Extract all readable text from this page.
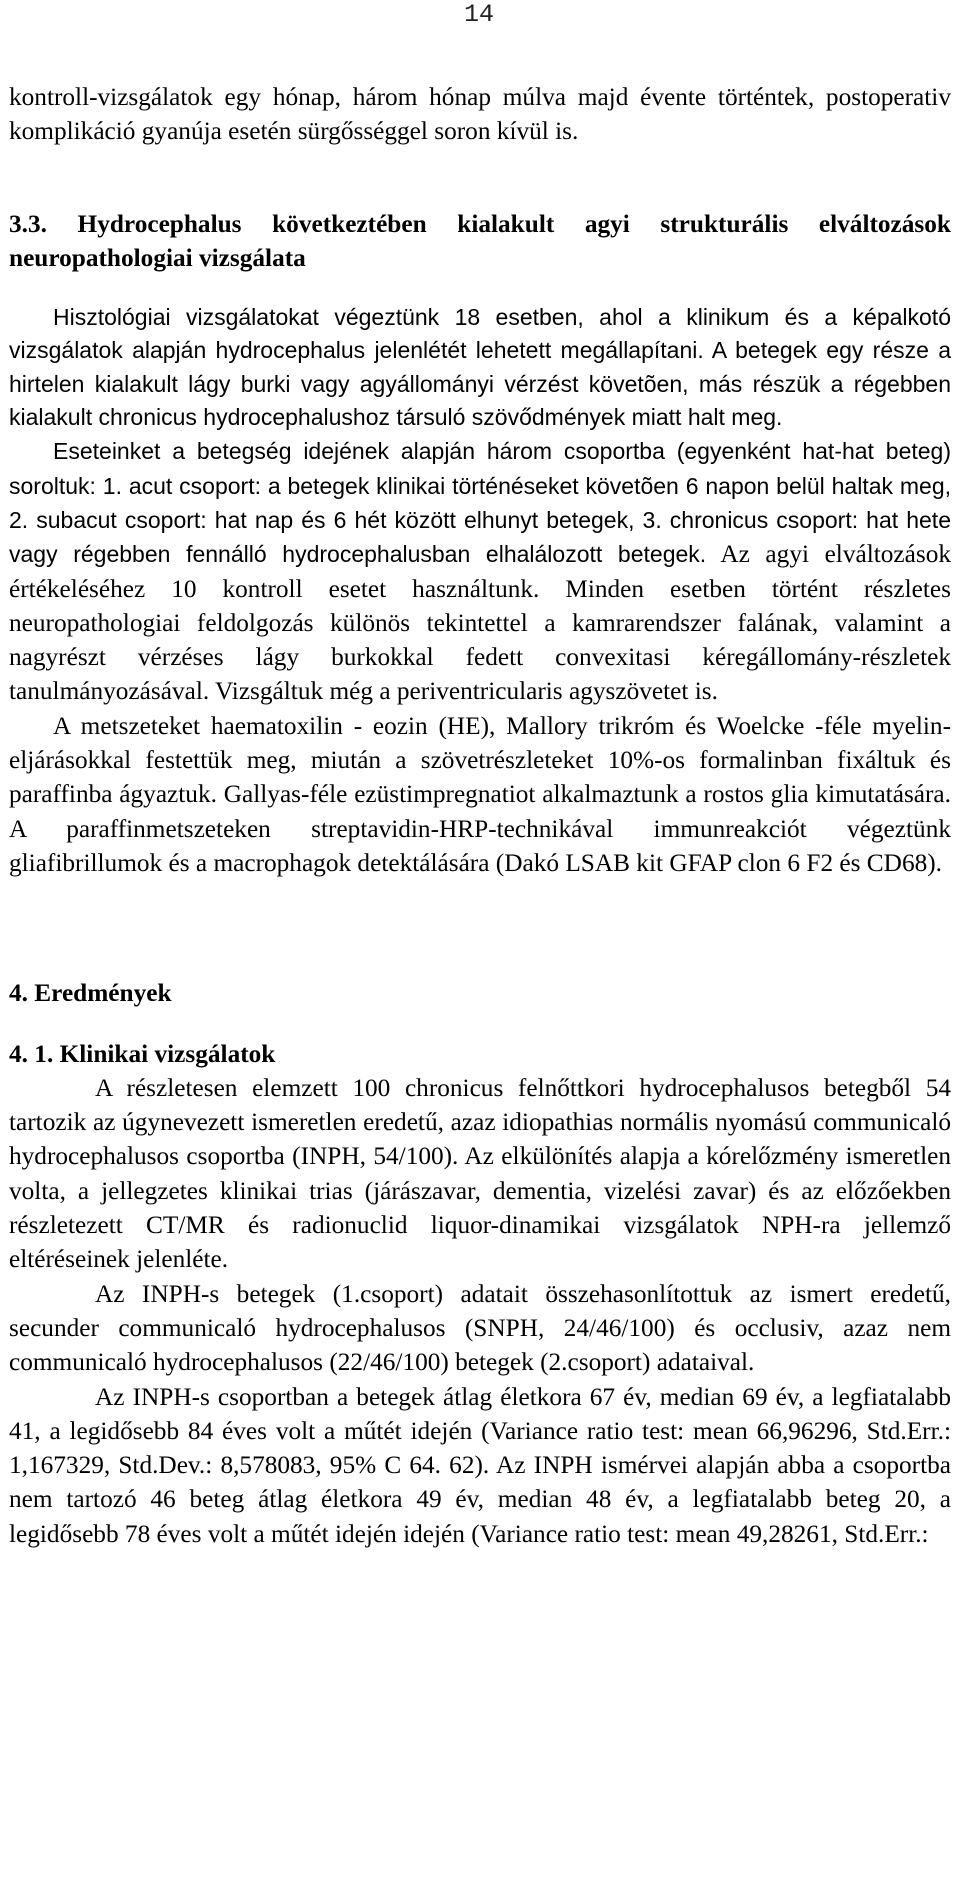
14

kontroll-vizsgálatok egy hónap, három hónap múlva majd évente történtek, postoperativ komplikáció gyanúja esetén sürgősséggel soron kívül is.

3.3. Hydrocephalus következtében kialakult agyi strukturális elváltozások neuropathologiai vizsgálata

Hisztológiai vizsgálatokat végeztünk 18 esetben, ahol a klinikum és a képalkotó vizsgálatok alapján hydrocephalus jelenlétét lehetett megállapítani. A betegek egy része a hirtelen kialakult lágy burki vagy agyállományi vérzést követõen, más részük a régebben kialakult chronicus hydrocephalushoz társuló szövődmények miatt halt meg.

Eseteinket a betegség idejének alapján három csoportba (egyenként hat-hat beteg) soroltuk: 1. acut csoport: a betegek klinikai történéseket követõen 6 napon belül haltak meg, 2. subacut csoport: hat nap és 6 hét között elhunyt betegek, 3. chronicus csoport: hat hete vagy régebben fennálló hydrocephalusban elhalálozott betegek. Az agyi elváltozások értékeléséhez 10 kontroll esetet használtunk. Minden esetben történt részletes neuropathologiai feldolgozás különös tekintettel a kamrarendszer falának, valamint a nagyrészt vérzéses lágy burkokkal fedett convexitasi kéregállomány-részletek tanulmányozásával. Vizsgáltuk még a periventricularis agyszövetet is.

A metszeteket haematoxilin - eozin (HE), Mallory trikróm és Woelcke -féle myelin-eljárásokkal festettük meg, miután a szövetrészleteket 10%-os formalinban fixáltuk és paraffinba ágyaztuk. Gallyas-féle ezüstimpregnatiot alkalmaztunk a rostos glia kimutatására. A paraffinmetszeteken streptavidin-HRP-technikával immunreakciót végeztünk gliafibrillumok és a macrophagok detektálására (Dakó LSAB kit GFAP clon 6 F2 és CD68).

4. Eredmények

4. 1. Klinikai vizsgálatok

A részletesen elemzett 100 chronicus felnőttkori hydrocephalusos betegből 54 tartozik az úgynevezett ismeretlen eredetű, azaz idiopathias normális nyomású communicaló hydrocephalusos csoportba (INPH, 54/100). Az elkülönítés alapja a kórelőzmény ismeretlen volta, a jellegzetes klinikai trias (járászavar, dementia, vizelési zavar) és az előzőekben részletezett CT/MR és radionuclid liquor-dinamikai vizsgálatok NPH-ra jellemző eltéréseinek jelenléte.

Az INPH-s betegek (1.csoport) adatait összehasonlítottuk az ismert eredetű, secunder communicaló hydrocephalusos (SNPH, 24/46/100) és occlusiv, azaz nem communicaló hydrocephalusos (22/46/100) betegek (2.csoport) adataival.

Az INPH-s csoportban a betegek átlag életkora 67 év, median 69 év, a legfiatalabb 41, a legidősebb 84 éves volt a műtét idején (Variance ratio test: mean 66,96296, Std.Err.: 1,167329, Std.Dev.: 8,578083, 95% C 64. 62). Az INPH ismérvei alapján abba a csoportba nem tartozó 46 beteg átlag életkora 49 év, median 48 év, a legfiatalabb beteg 20, a legidősebb 78 éves volt a műtét idején idején (Variance ratio test: mean 49,28261, Std.Err.:
